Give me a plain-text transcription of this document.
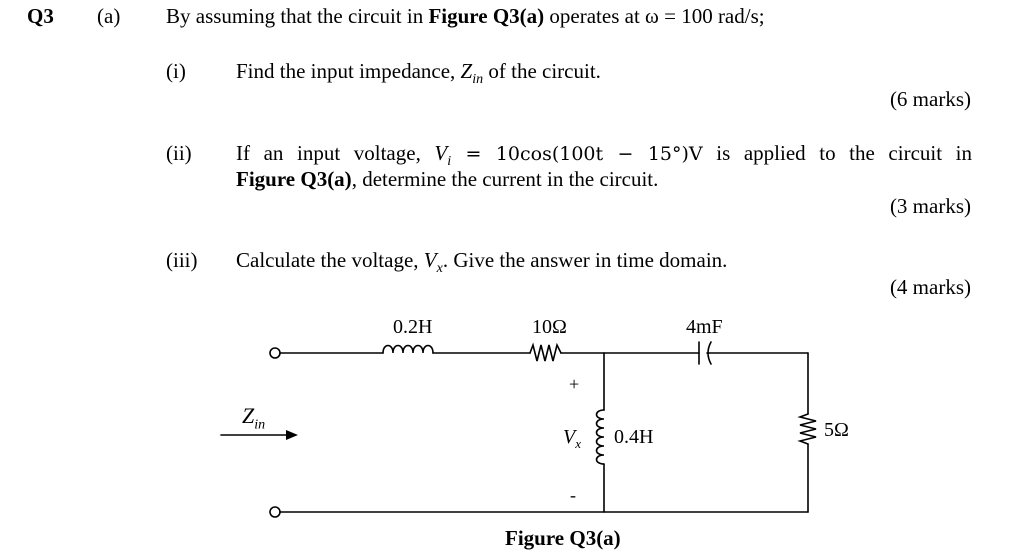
Q3 (a) By assuming that the circuit in Figure Q3(a) operates at ω = 100 rad/s;
(i) Find the input impedance, $Z_{in}$ of the circuit.
(6 marks)
(ii) If an input voltage, $V_i = 10\cos(100t - 15^\circ)V$ is applied to the circuit in
Figure Q3(a), determine the current in the circuit.
(3 marks)
(iii) Calculate the voltage, $V_x$. Give the answer in time domain.
(4 marks)
0.2H	10Ω	4mF
0.4H	5Ω
$Z_{in}$
+
$V_x$
-
Figure Q3(a)
